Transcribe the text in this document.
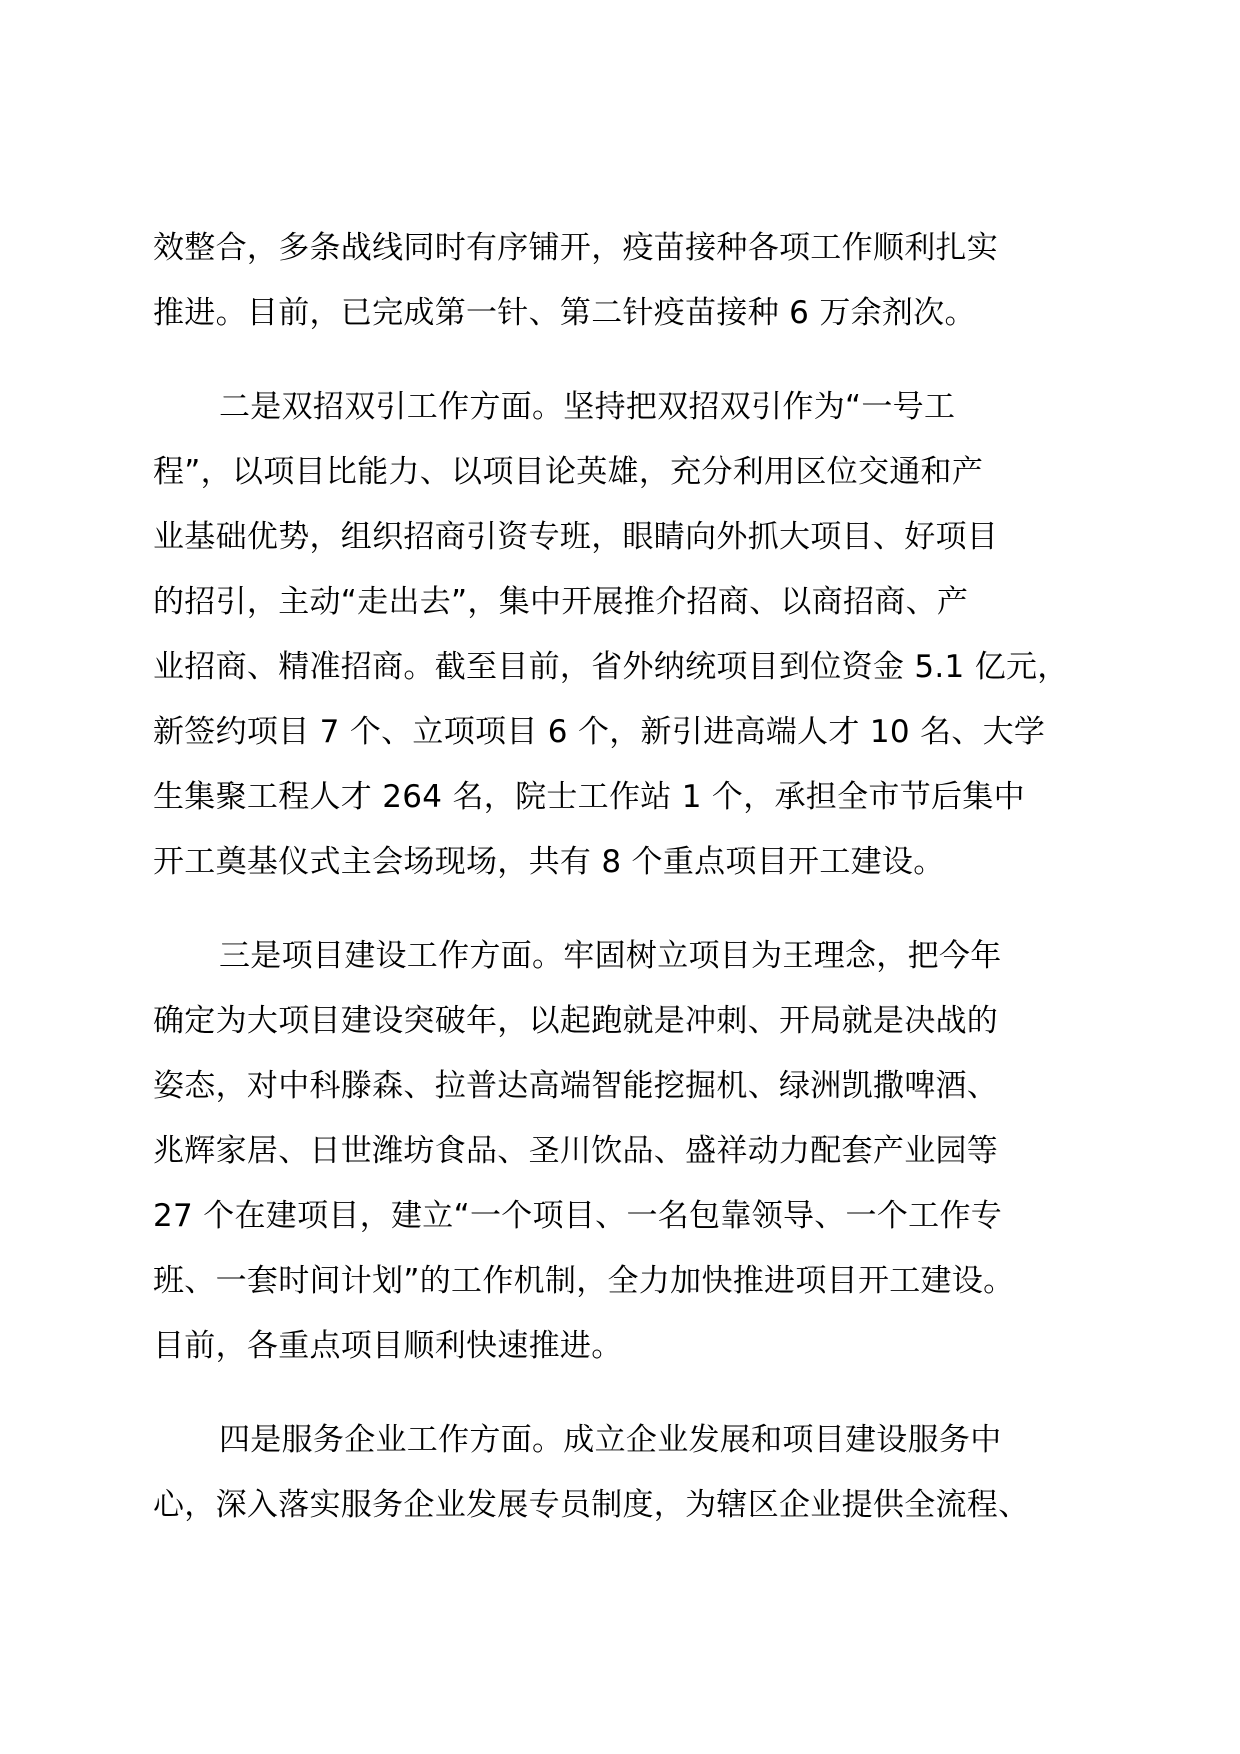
效整合，多条战线同时有序铺开，疫苗接种各项工作顺利扎实
推进。目前，已完成第一针、第二针疫苗接种 6 万余剂次。

二是双招双引工作方面。坚持把双招双引作为“一号工
程”，以项目比能力、以项目论英雄，充分利用区位交通和产
业基础优势，组织招商引资专班，眼睛向外抓大项目、好项目
的招引，主动“走出去”，集中开展推介招商、以商招商、产
业招商、精准招商。截至目前，省外纳统项目到位资金 5.1 亿元，
新签约项目 7 个、立项项目 6 个，新引进高端人才 10 名、大学
生集聚工程人才 264 名，院士工作站 1 个，承担全市节后集中
开工奠基仪式主会场现场，共有 8 个重点项目开工建设。

三是项目建设工作方面。牢固树立项目为王理念，把今年
确定为大项目建设突破年，以起跑就是冲刺、开局就是决战的
姿态，对中科滕森、拉普达高端智能挖掘机、绿洲凯撒啤酒、
兆辉家居、日世潍坊食品、圣川饮品、盛祥动力配套产业园等
27 个在建项目，建立“一个项目、一名包靠领导、一个工作专
班、一套时间计划”的工作机制，全力加快推进项目开工建设。
目前，各重点项目顺利快速推进。

四是服务企业工作方面。成立企业发展和项目建设服务中
心，深入落实服务企业发展专员制度，为辖区企业提供全流程、
